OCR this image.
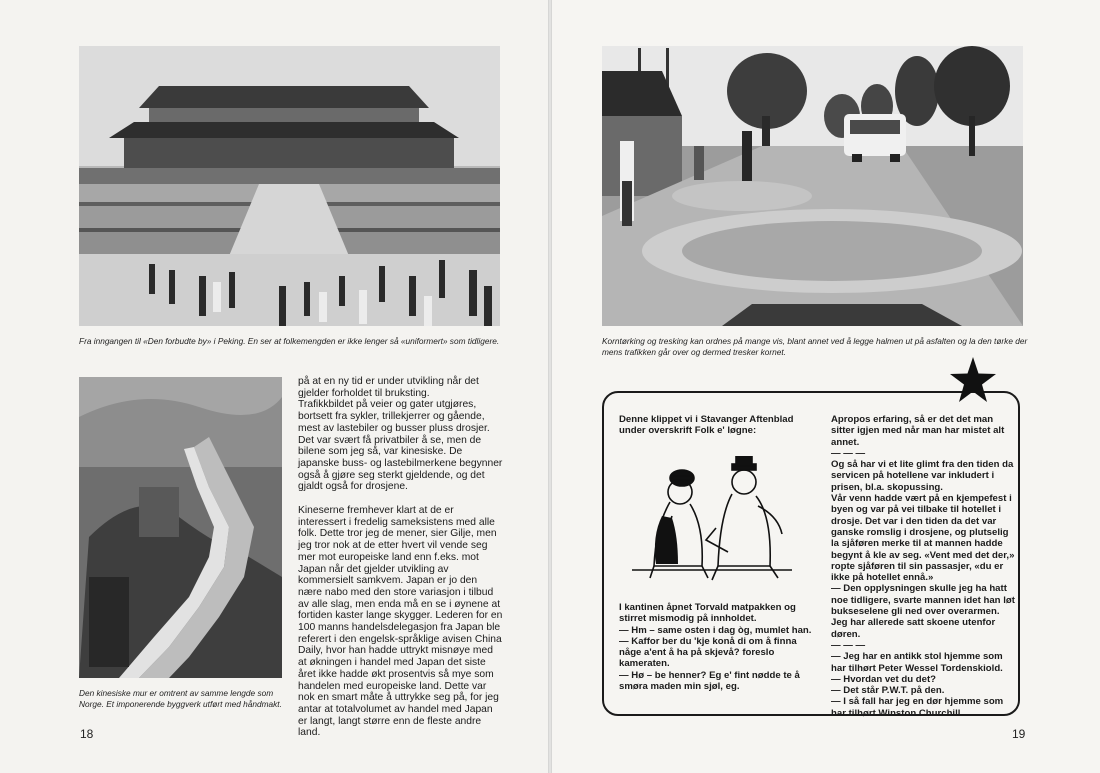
Fra inngangen til «Den forbudte by» i Peking. En ser at folkemengden er ikke lenger så «uniformert» som tidligere.
Den kinesiske mur er omtrent av samme lengde som Norge. Et imponerende byggverk utført med håndmakt.

på at en ny tid er under utvikling når det gjelder forholdet til bruksting.

Trafikkbildet på veier og gater utgjøres, bortsett fra sykler, trillekjerrer og gående, mest av lastebiler og busser pluss drosjer. Det var svært få privatbiler å se, men de bilene som jeg så, var kinesiske. De japanske buss- og lastebilmerkene begynner også å gjøre seg sterkt gjeldende, og det gjaldt også for drosjene.

Kineserne fremhever klart at de er interessert i fredelig sameksistens med alle folk. Dette tror jeg de mener, sier Gilje, men jeg tror nok at de etter hvert vil vende seg mer mot europeiske land enn f.eks. mot Japan når det gjelder utvikling av kommersielt samkvem. Japan er jo den nære nabo med den store variasjon i tilbud av alle slag, men enda må en se i øynene at fortiden kaster lange skygger. Lederen for en 100 manns handelsdelegasjon fra Japan ble referert i den engelsk-språklige avisen China Daily, hvor han hadde uttrykt misnøye med at økningen i handel med Japan det siste året ikke hadde økt prosentvis så mye som handelen med europeiske land. Dette var nok en smart måte å uttrykke seg på, for jeg antar at totalvolumet av handel med Japan er langt, langt større enn de fleste andre land.

18
Korntørking og tresking kan ordnes på mange vis, blant annet ved å legge halmen ut på asfalten og la den tørke der mens trafikken går over og dermed tresker kornet.

Denne klippet vi i Stavanger Aftenblad under overskrift Folk e' løgne:

I kantinen åpnet Torvald matpakken og stirret mismodig på innholdet.

— Hm – same osten i dag òg, mumlet han.

— Kaffor ber du 'kje konå di om å finna någe a'ent å ha på skjevå? foreslo kameraten.

— Hø – be henner? Eg e' fint nødde te å smøra maden min sjøl, eg.

Apropos erfaring, så er det det man sitter igjen med når man har mistet alt annet.

— — —

Og så har vi et lite glimt fra den tiden da servicen på hotellene var inkludert i prisen, bl.a. skopussing.

Vår venn hadde vært på en kjempefest i byen og var på vei tilbake til hotellet i drosje. Det var i den tiden da det var ganske romslig i drosjene, og plutselig la sjåføren merke til at mannen hadde begynt å kle av seg. «Vent med det der,» ropte sjåføren til sin passasjer, «du er ikke på hotellet ennå.»

— Den opplysningen skulle jeg ha hatt noe tidligere, svarte mannen idet han løt bukseselene gli ned over overarmen. Jeg har allerede satt skoene utenfor døren.

— — —

— Jeg har en antikk stol hjemme som har tilhørt Peter Wessel Tordenskiold.

— Hvordan vet du det?

— Det står P.W.T. på den.

— I så fall har jeg en dør hjemme som har tilhørt Winston Churchill.

19
